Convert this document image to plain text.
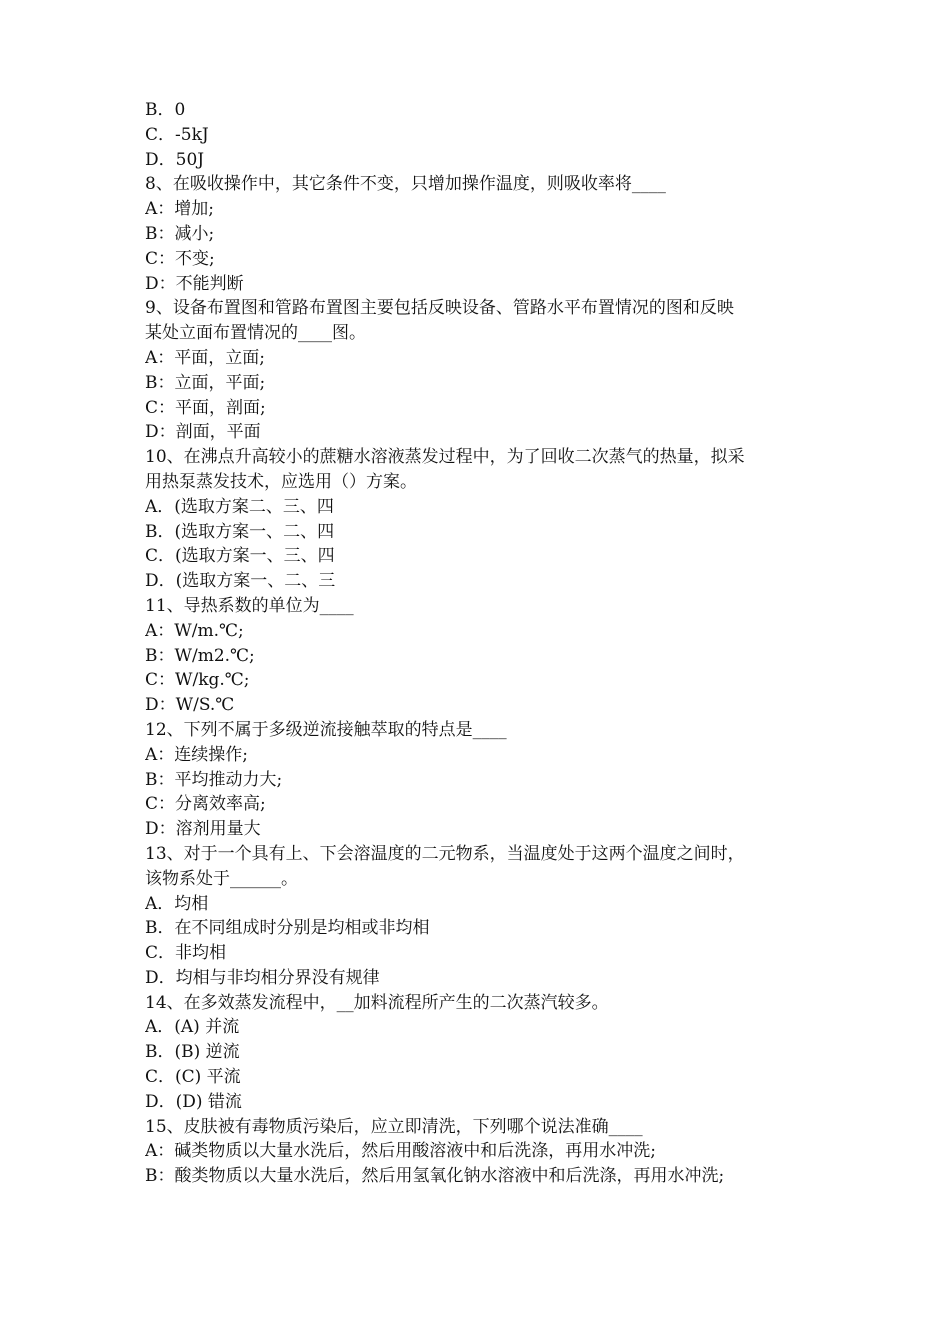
B．0
C．-5kJ
D．50J
8、在吸收操作中，其它条件不变，只增加操作温度，则吸收率将____
A：增加;
B：减小;
C：不变;
D：不能判断
9、设备布置图和管路布置图主要包括反映设备、管路水平布置情况的图和反映
某处立面布置情况的____图。
A：平面，立面;
B：立面，平面;
C：平面，剖面;
D：剖面，平面
10、在沸点升高较小的蔗糖水溶液蒸发过程中，为了回收二次蒸气的热量，拟采
用热泵蒸发技术，应选用（）方案。
A．(选取方案二、三、四
B．(选取方案一、二、四
C．(选取方案一、三、四
D．(选取方案一、二、三
11、导热系数的单位为____
A：W/m.℃;
B：W/m2.℃;
C：W/kg.℃;
D：W/S.℃
12、下列不属于多级逆流接触萃取的特点是____
A：连续操作;
B：平均推动力大;
C：分离效率高;
D：溶剂用量大
13、对于一个具有上、下会溶温度的二元物系，当温度处于这两个温度之间时，
该物系处于______。
A．均相
B．在不同组成时分别是均相或非均相
C．非均相
D．均相与非均相分界没有规律
14、在多效蒸发流程中，__加料流程所产生的二次蒸汽较多。
A．(A) 并流
B．(B) 逆流
C．(C) 平流
D．(D) 错流
15、皮肤被有毒物质污染后，应立即清洗，下列哪个说法准确____
A：碱类物质以大量水洗后，然后用酸溶液中和后洗涤，再用水冲洗;
B：酸类物质以大量水洗后，然后用氢氧化钠水溶液中和后洗涤，再用水冲洗;
